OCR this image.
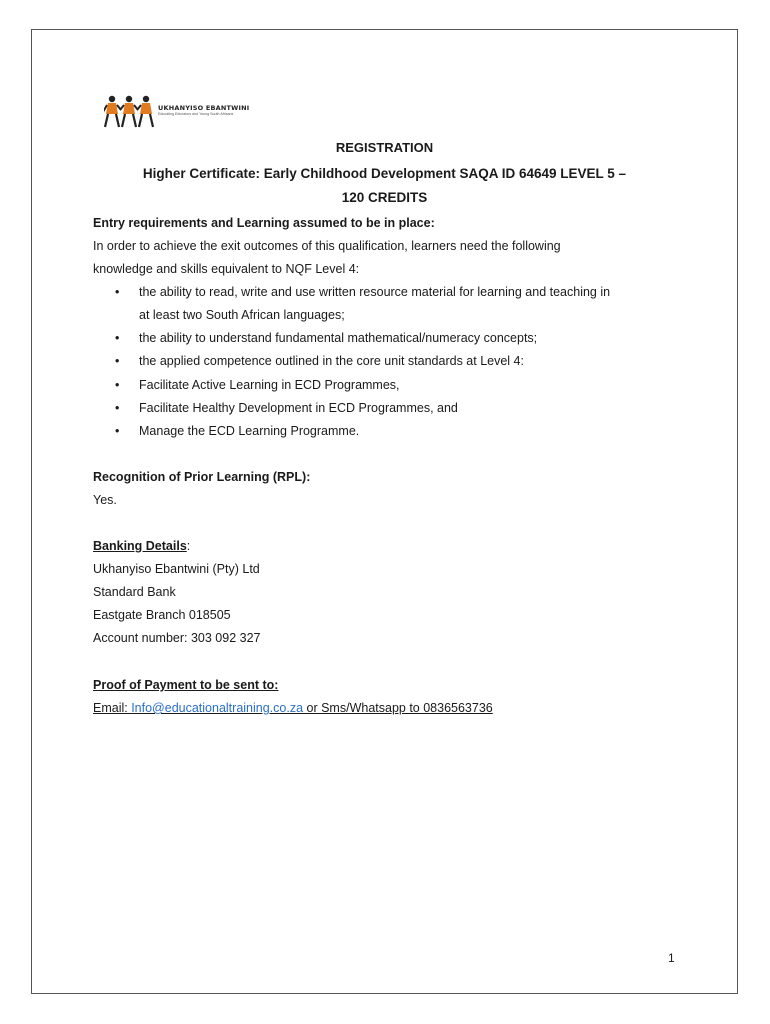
UKHANYISO EBANTWINI
Educating Educators and Young South Africans
REGISTRATION
Higher Certificate: Early Childhood Development SAQA ID 64649 LEVEL 5 –
120 CREDITS
Entry requirements and Learning assumed to be in place:
In order to achieve the exit outcomes of this qualification, learners need the following
knowledge and skills equivalent to NQF Level 4:
• the ability to read, write and use written resource material for learning and teaching in
at least two South African languages;
• the ability to understand fundamental mathematical/numeracy concepts;
• the applied competence outlined in the core unit standards at Level 4:
• Facilitate Active Learning in ECD Programmes,
• Facilitate Healthy Development in ECD Programmes, and
• Manage the ECD Learning Programme.
Recognition of Prior Learning (RPL):
Yes.
Banking Details:
Ukhanyiso Ebantwini (Pty) Ltd
Standard Bank
Eastgate Branch 018505
Account number: 303 092 327
Proof of Payment to be sent to:
Email: Info@educationaltraining.co.za or Sms/Whatsapp to 0836563736
1
